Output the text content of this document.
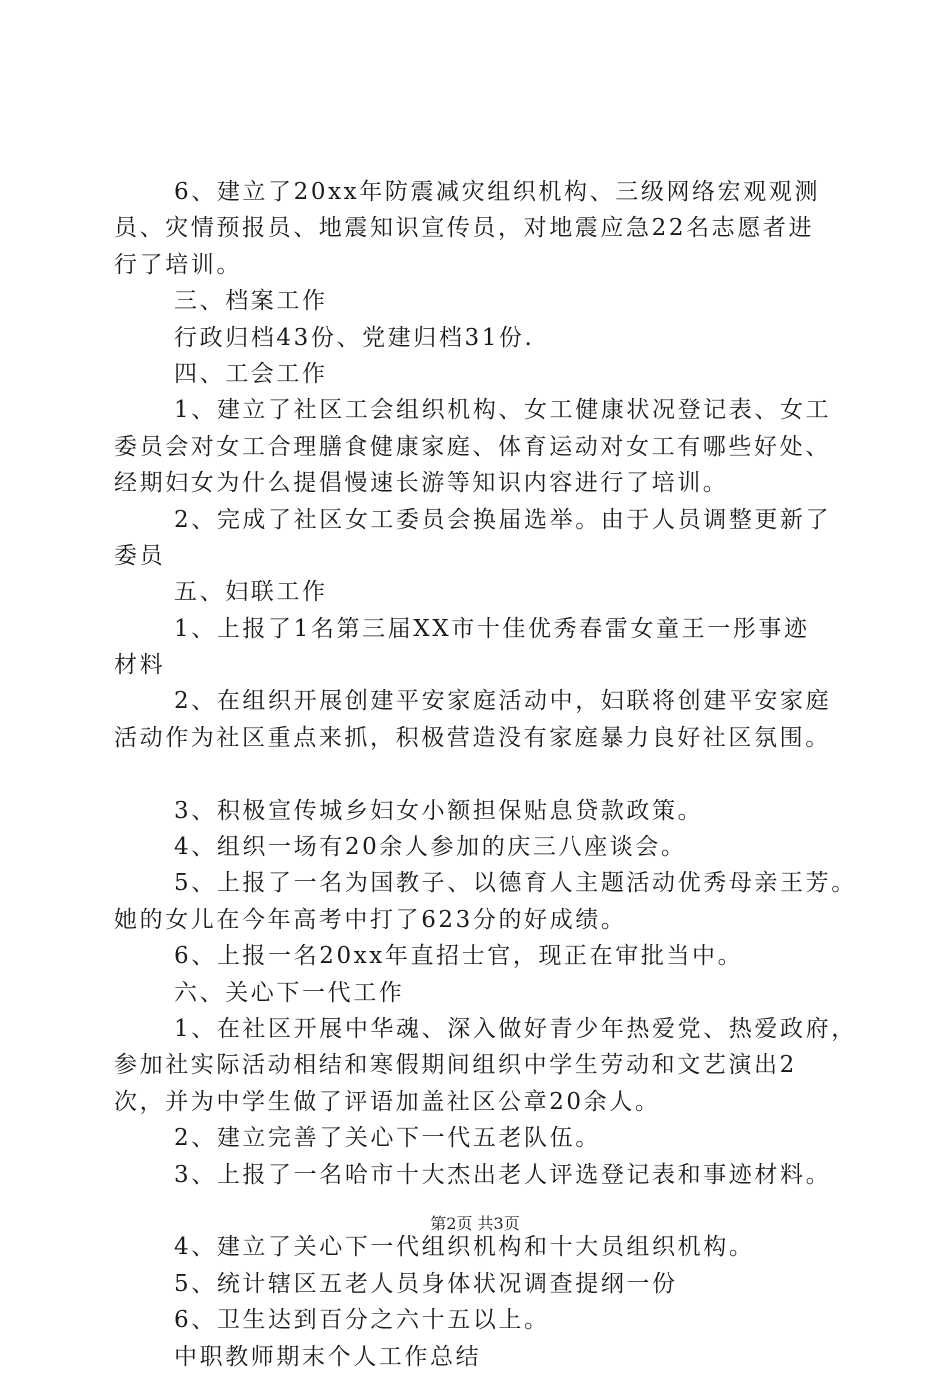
6、建立了20xx年防震减灾组织机构、三级网络宏观观测
员、灾情预报员、地震知识宣传员，对地震应急22名志愿者进
行了培训。
三、档案工作
行政归档43份、党建归档31份.
四、工会工作
1、建立了社区工会组织机构、女工健康状况登记表、女工
委员会对女工合理膳食健康家庭、体育运动对女工有哪些好处、
经期妇女为什么提倡慢速长游等知识内容进行了培训。
2、完成了社区女工委员会换届选举。由于人员调整更新了
委员
五、妇联工作
1、上报了1名第三届XX市十佳优秀春雷女童王一彤事迹
材料
2、在组织开展创建平安家庭活动中，妇联将创建平安家庭
活动作为社区重点来抓，积极营造没有家庭暴力良好社区氛围。
3、积极宣传城乡妇女小额担保贴息贷款政策。
4、组织一场有20余人参加的庆三八座谈会。
5、上报了一名为国教子、以德育人主题活动优秀母亲王芳。
她的女儿在今年高考中打了623分的好成绩。
6、上报一名20xx年直招士官，现正在审批当中。
六、关心下一代工作
1、在社区开展中华魂、深入做好青少年热爱党、热爱政府，
参加社实际活动相结和寒假期间组织中学生劳动和文艺演出2
次，并为中学生做了评语加盖社区公章20余人。
2、建立完善了关心下一代五老队伍。
3、上报了一名哈市十大杰出老人评选登记表和事迹材料。
4、建立了关心下一代组织机构和十大员组织机构。
5、统计辖区五老人员身体状况调查提纲一份
6、卫生达到百分之六十五以上。
中职教师期末个人工作总结
第2页 共3页
